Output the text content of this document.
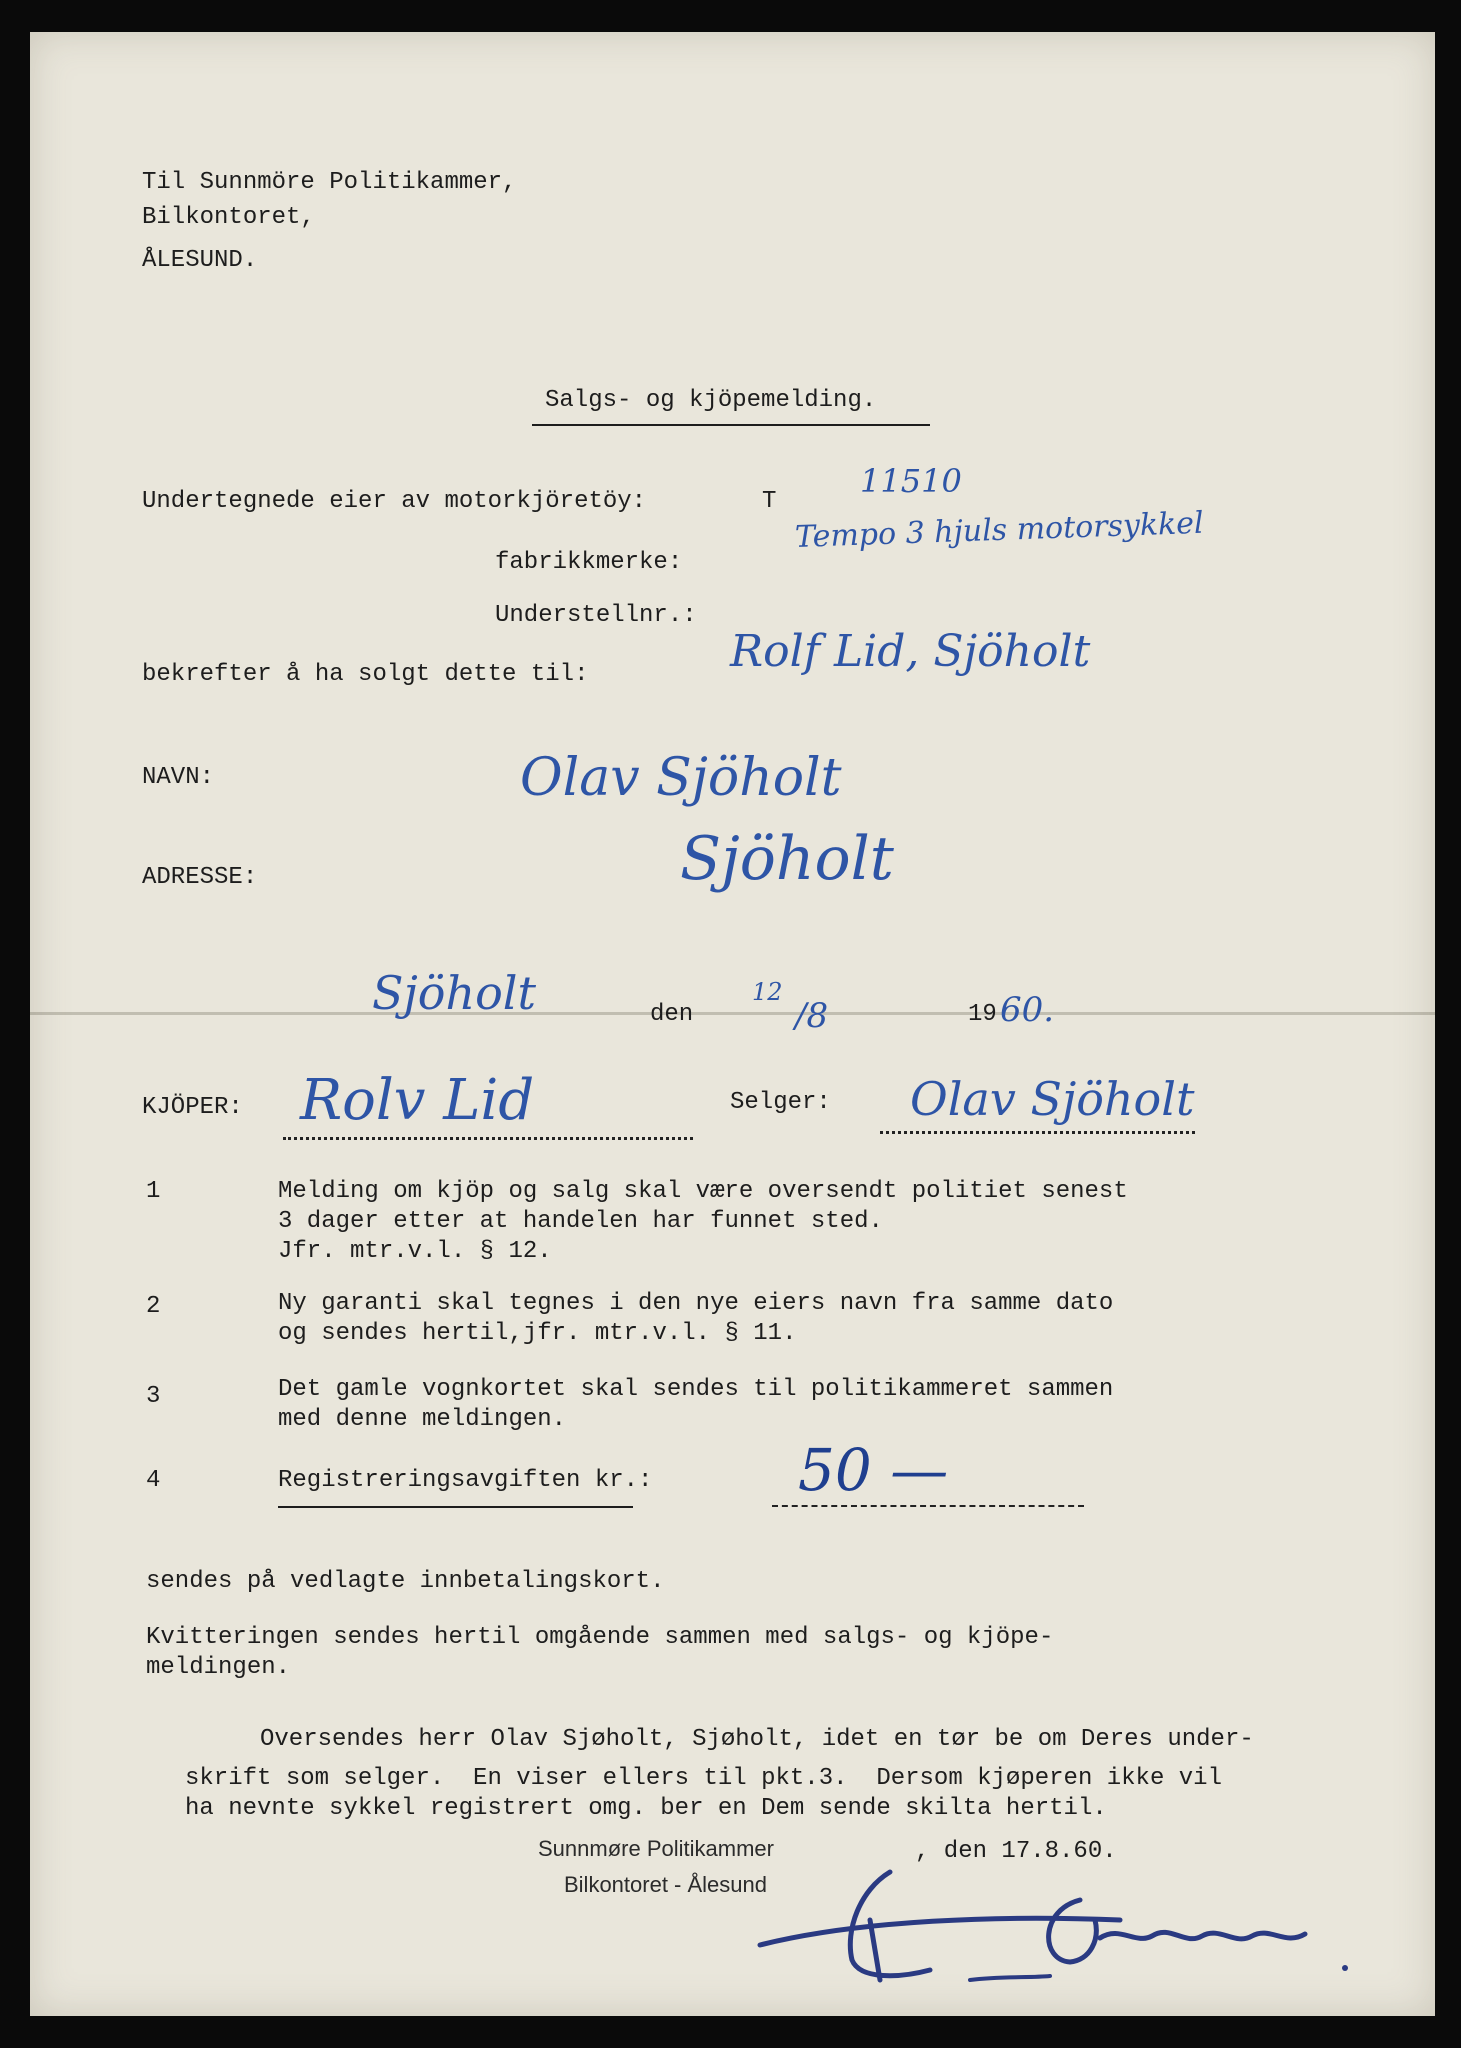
Til Sunnmöre Politikammer,
Bilkontoret,
ÅLESUND.
Salgs- og kjöpemelding.
Undertegnede eier av motorkjöretöy:	T
11510
fabrikkmerke:
Tempo 3 hjuls motorsykkel
Understellnr.:
bekrefter å ha solgt dette til:	Rolf Lid, Sjöholt
NAVN:	Olav Sjöholt
ADRESSE:	Sjöholt
Sjöholt	den
12
/8	19 60.
KJÖPER: Rolv Lid	Selger: Olav Sjöholt
1	Melding om kjöp og salg skal være oversendt politiet senest
3 dager etter at handelen har funnet sted.
Jfr. mtr.v.l. § 12.
2	Ny garanti skal tegnes i den nye eiers navn fra samme dato
og sendes hertil,jfr. mtr.v.l. § 11.
3	Det gamle vognkortet skal sendes til politikammeret sammen
med denne meldingen.
4	Registreringsavgiften kr.:	50 —
sendes på vedlagte innbetalingskort.
Kvitteringen sendes hertil omgående sammen med salgs- og kjöpe-
meldingen.
Oversendes herr Olav Sjøholt, Sjøholt, idet en tør be om Deres under-
skrift som selger.  En viser ellers til pkt.3.  Dersom kjøperen ikke vil
ha nevnte sykkel registrert omg. ber en Dem sende skilta hertil.
Sunnmøre Politikammer
Bilkontoret - Ålesund
, den 17.8.60.
